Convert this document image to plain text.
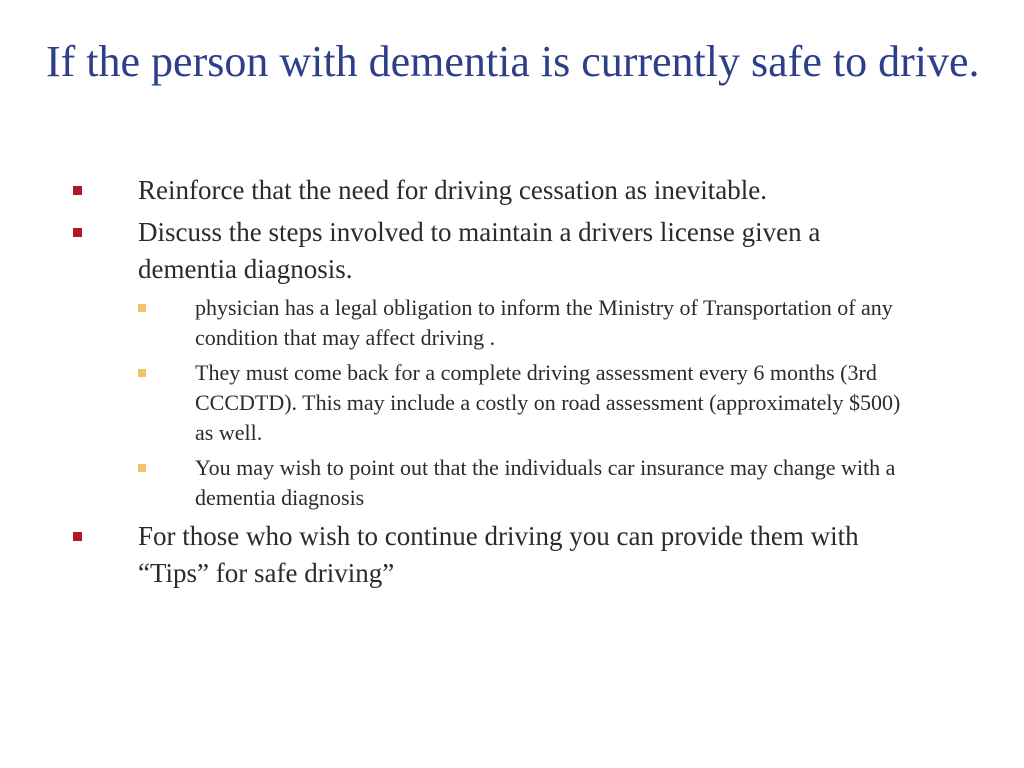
If the person with dementia is currently safe to drive.
Reinforce that the need for driving cessation as inevitable.
Discuss the steps involved to maintain a drivers license given a dementia diagnosis.
physician has a legal obligation to inform the Ministry of Transportation of any condition that may affect driving .
They must come back for a complete driving assessment every 6 months (3rd CCCDTD). This may include a costly on road assessment (approximately $500) as well.
You may wish to point out that the individuals car insurance may change with a dementia diagnosis
For those who wish to continue driving you can provide them with “Tips” for safe driving”
